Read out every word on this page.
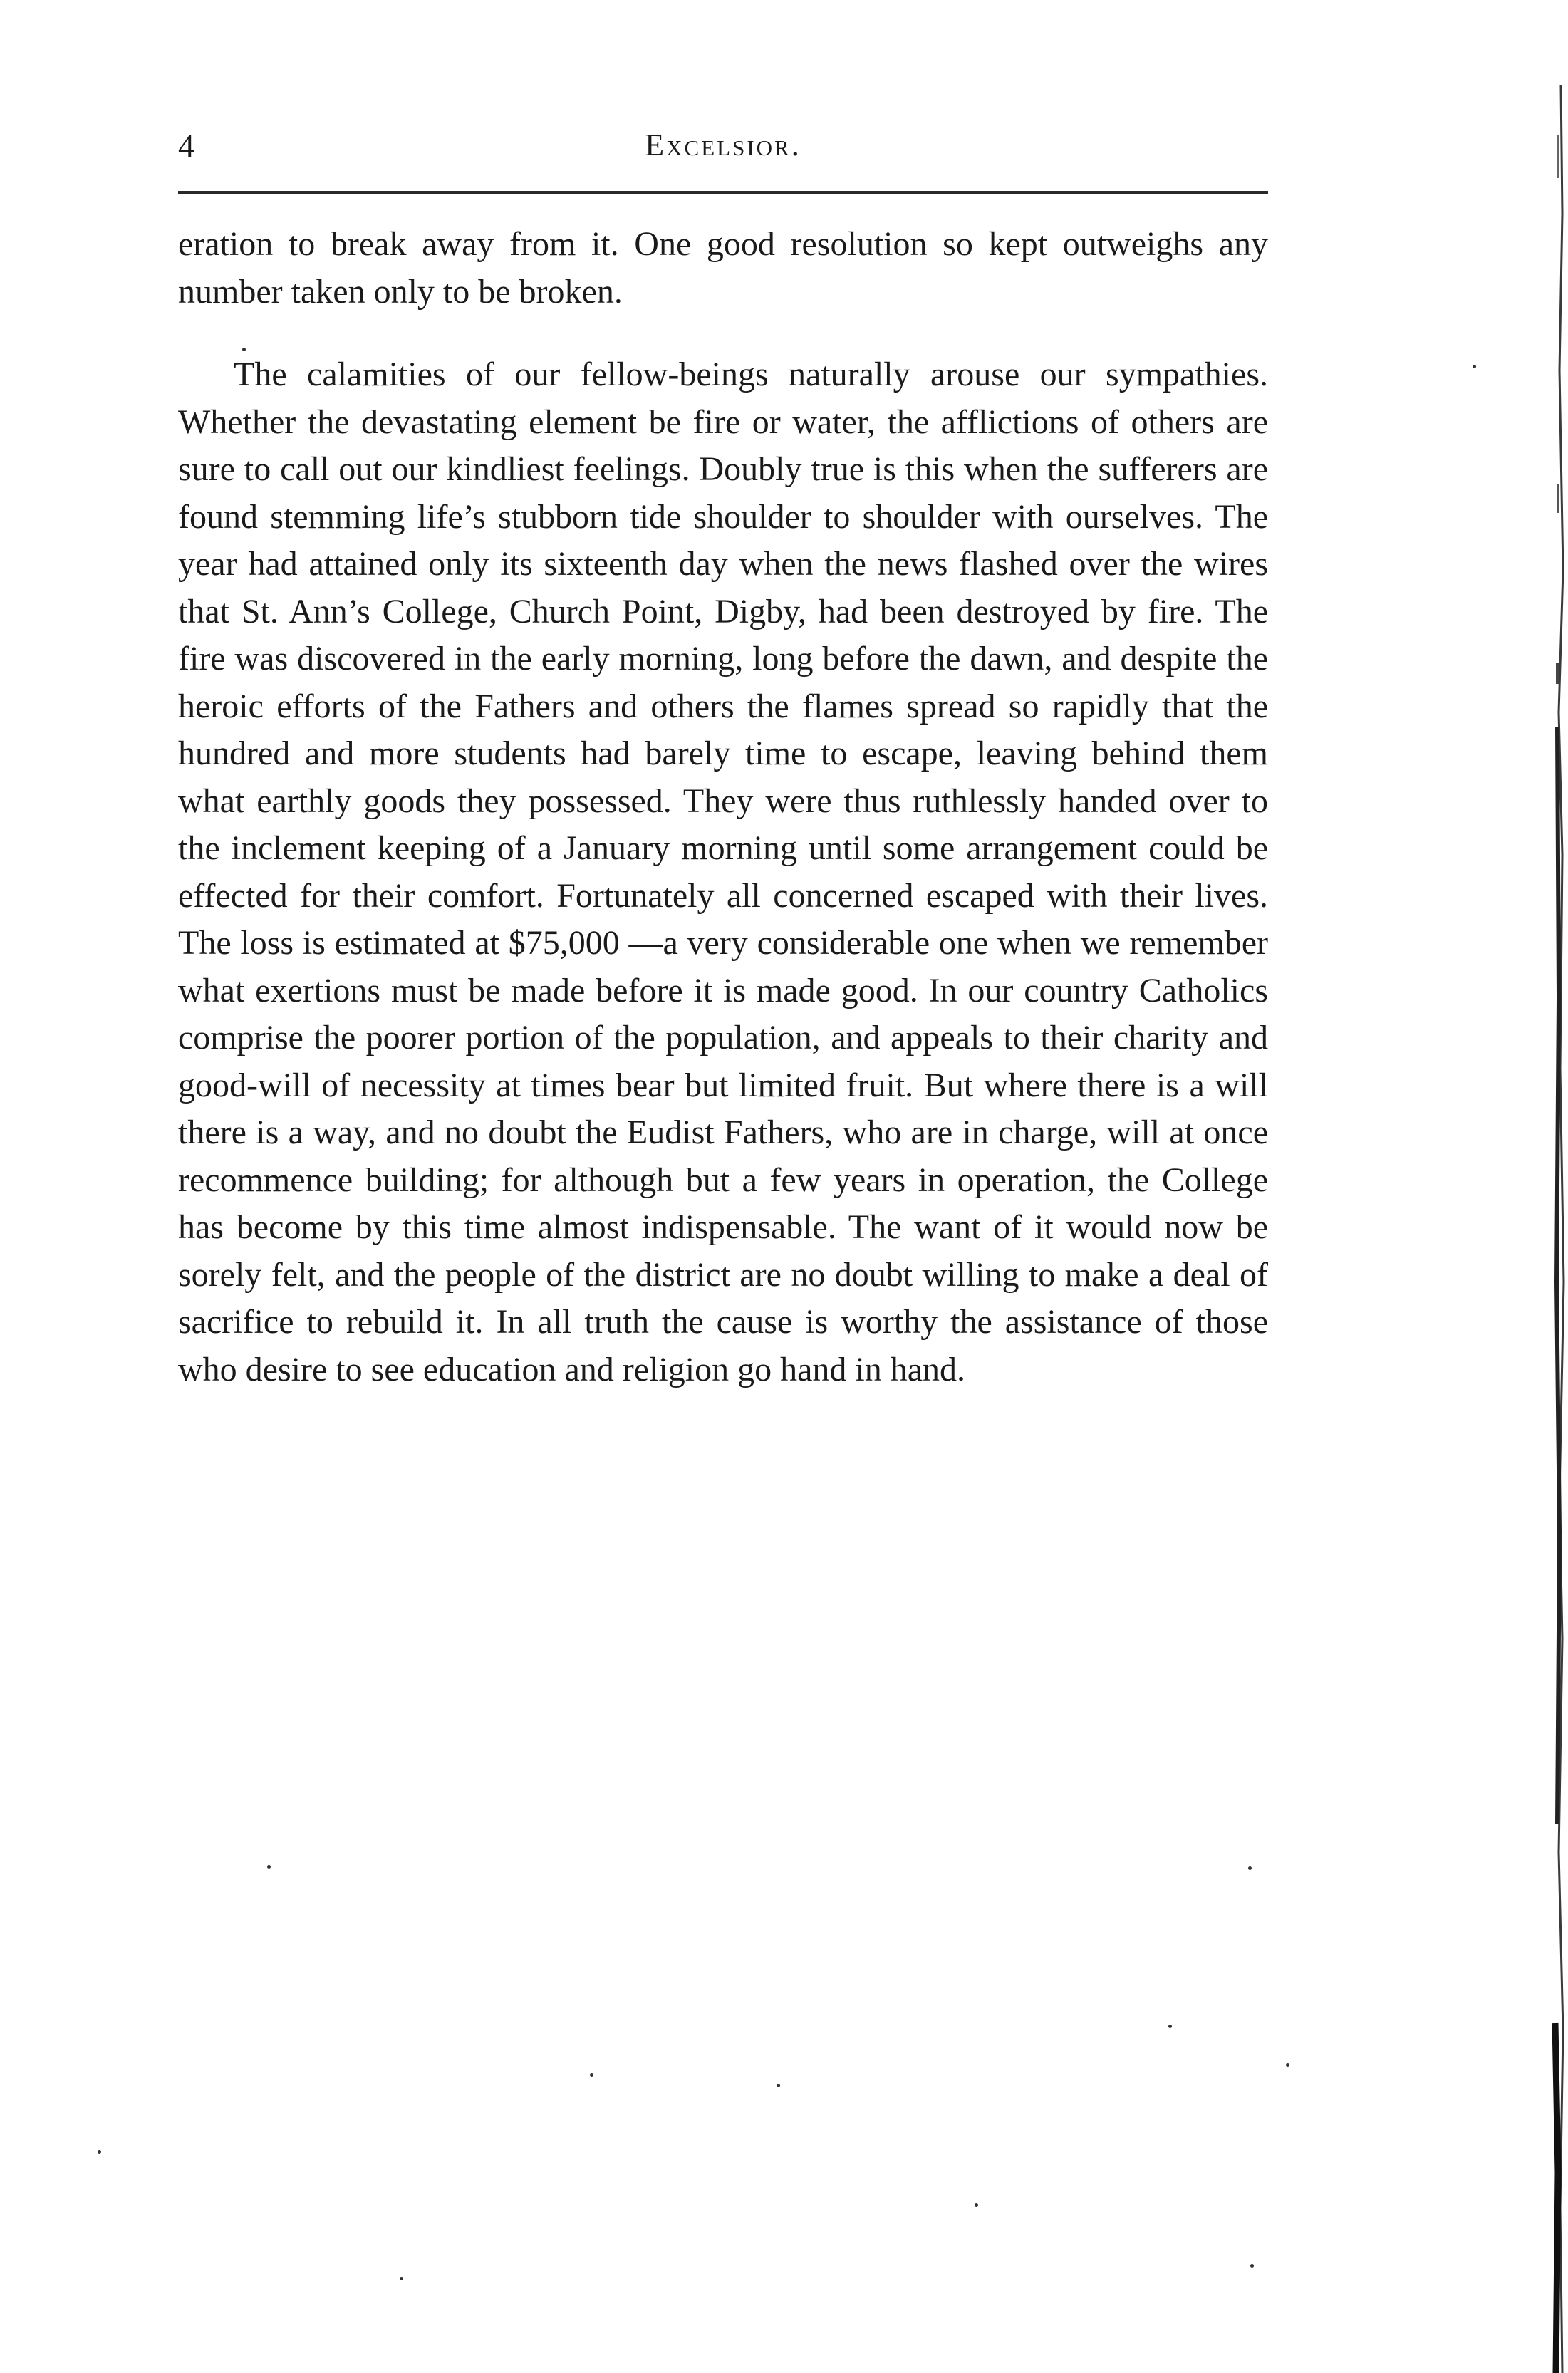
4	Excelsior.

eration to break away from it. One good resolution so kept outweighs any number taken only to be broken.

The calamities of our fellow-beings naturally arouse our sympathies. Whether the devastating element be fire or water, the afflictions of others are sure to call out our kindliest feelings. Doubly true is this when the sufferers are found stemming life’s stubborn tide shoulder to shoulder with ourselves. The year had attained only its sixteenth day when the news flashed over the wires that St. Ann’s College, Church Point, Digby, had been destroyed by fire. The fire was discovered in the early morning, long before the dawn, and despite the heroic efforts of the Fathers and others the flames spread so rapidly that the hundred and more students had barely time to escape, leaving behind them what earthly goods they possessed. They were thus ruthlessly handed over to the inclement keeping of a January morning until some arrangement could be effected for their comfort. Fortunately all concerned escaped with their lives. The loss is estimated at $75,000 —a very considerable one when we remember what exertions must be made before it is made good. In our country Catholics comprise the poorer portion of the population, and appeals to their charity and good-will of necessity at times bear but limited fruit. But where there is a will there is a way, and no doubt the Eudist Fathers, who are in charge, will at once recommence building; for although but a few years in operation, the College has become by this time almost indispensable. The want of it would now be sorely felt, and the people of the district are no doubt willing to make a deal of sacrifice to rebuild it. In all truth the cause is worthy the assistance of those who desire to see education and religion go hand in hand.
